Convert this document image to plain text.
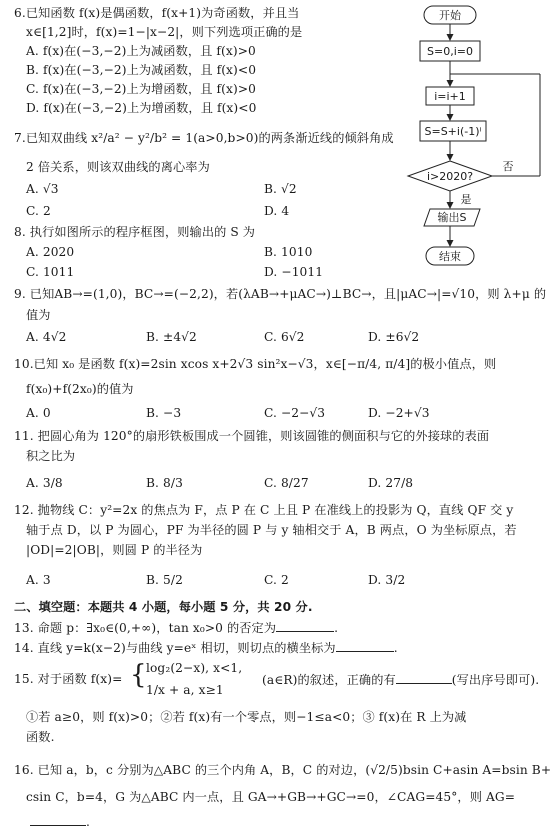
6.已知函数 f(x)是偶函数，f(x+1)为奇函数，并且当
x∈[1,2]时，f(x)=1−|x−2|，则下列选项正确的是
A. f(x)在(−3,−2)上为减函数，且 f(x)>0
B. f(x)在(−3,−2)上为减函数，且 f(x)<0
C. f(x)在(−3,−2)上为增函数，且 f(x)>0
D. f(x)在(−3,−2)上为增函数，且 f(x)<0
7.已知双曲线 x²/a² − y²/b² = 1(a>0,b>0)的两条渐近线的倾斜角成
2 倍关系，则该双曲线的离心率为
A. √3	B. √2
C. 2	D. 4
8. 执行如图所示的程序框图，则输出的 S 为
A. 2020	B. 1010
C. 1011	D. −1011
9. 已知AB→=(1,0)，BC→=(−2,2)，若(λAB→+μAC→)⊥BC→，且|μAC→|=√10，则 λ+μ 的
值为
A. 4√2	B. ±4√2	C. 6√2	D. ±6√2
10.已知 x₀ 是函数 f(x)=2sin xcos x+2√3 sin²x−√3，x∈[−π/4, π/4]的极小值点，则
f(x₀)+f(2x₀)的值为
A. 0	B. −3	C. −2−√3	D. −2+√3
11. 把圆心角为 120°的扇形铁板围成一个圆锥，则该圆锥的侧面积与它的外接球的表面
积之比为
A. 3/8	B. 8/3	C. 8/27	D. 27/8
12. 抛物线 C：y²=2x 的焦点为 F，点 P 在 C 上且 P 在准线上的投影为 Q，直线 QF 交 y
轴于点 D，以 P 为圆心，PF 为半径的圆 P 与 y 轴相交于 A，B 两点，O 为坐标原点，若
|OD|=2|OB|，则圆 P 的半径为
A. 3	B. 5/2	C. 2	D. 3/2
二、填空题：本题共 4 小题，每小题 5 分，共 20 分.
13. 命题 p：∃x₀∈(0,+∞)，tan x₀>0 的否定为	.
14. 直线 y=k(x−2)与曲线 y=eˣ 相切，则切点的横坐标为	.
15. 对于函数 f(x)= { log₂(2−x), x<1,
1/x + a, x≥1
(a∈R)的叙述，正确的有	(写出序号即可).
①若 a≥0，则 f(x)>0；②若 f(x)有一个零点，则−1≤a<0；③ f(x)在 R 上为减
函数.
16. 已知 a，b，c 分别为△ABC 的三个内角 A，B，C 的对边，(√2/5)bsin C+asin A=bsin B+
csin C，b=4，G 为△ABC 内一点，且 GA→+GB→+GC→=0，∠CAG=45°，则 AG=
.
开始
S=0,i=0
i=i+1
S=S+i(-1)ⁱ
i>2020?
是
否
输出S
结束
